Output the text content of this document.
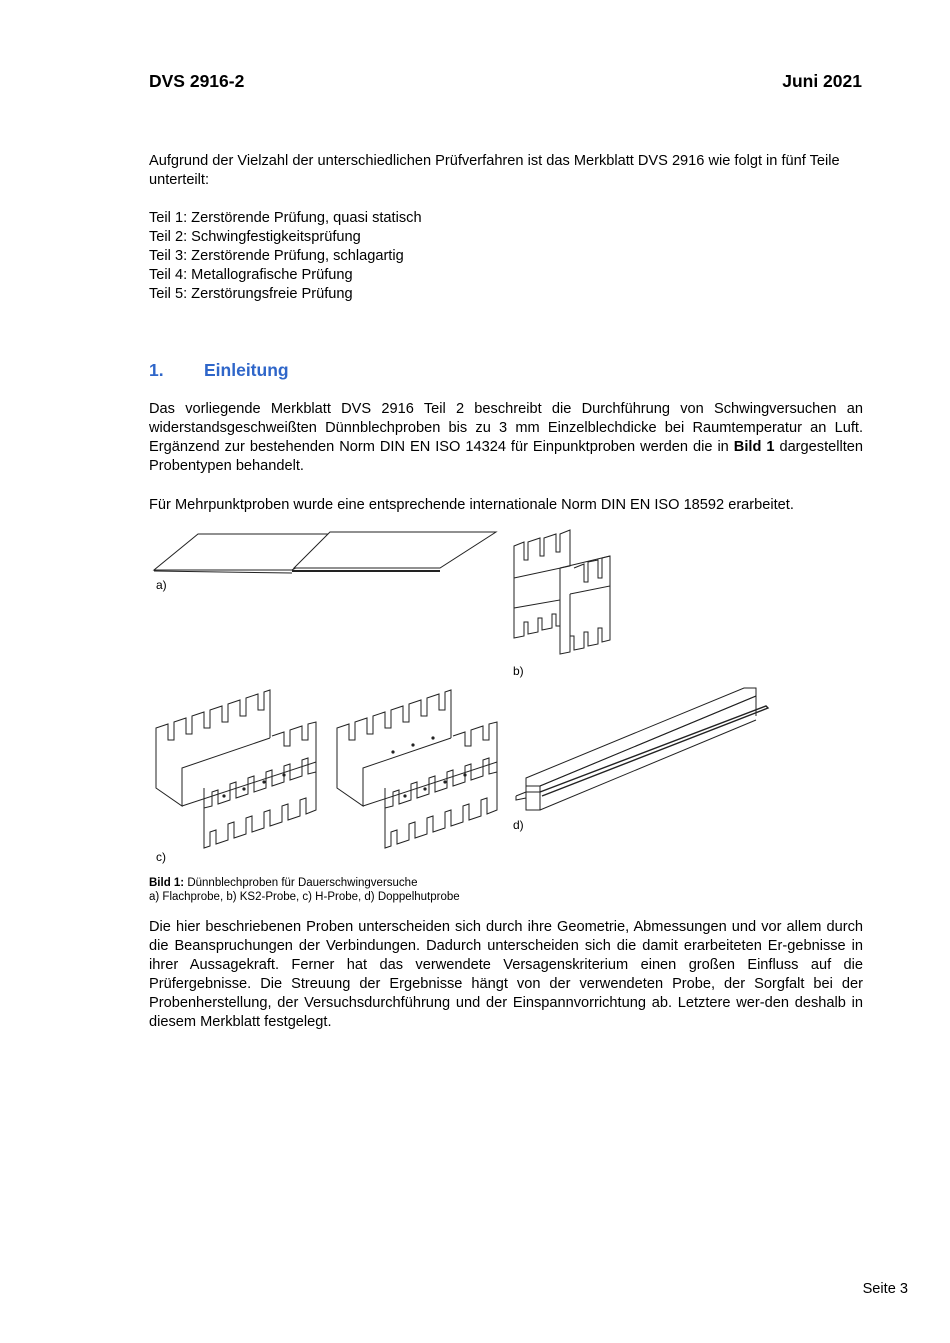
DVS 2916-2	Juni 2021
Aufgrund der Vielzahl der unterschiedlichen Prüfverfahren ist das Merkblatt DVS 2916 wie folgt in fünf Teile unterteilt:
Teil 1: Zerstörende Prüfung, quasi statisch
Teil 2: Schwingfestigkeitsprüfung
Teil 3: Zerstörende Prüfung, schlagartig
Teil 4: Metallografische Prüfung
Teil 5: Zerstörungsfreie Prüfung
1. Einleitung
Das vorliegende Merkblatt DVS 2916 Teil 2 beschreibt die Durchführung von Schwingversuchen an widerstandsgeschweißten Dünnblechproben bis zu 3 mm Einzelblechdicke bei Raumtemperatur an Luft. Ergänzend zur bestehenden Norm DIN EN ISO 14324 für Einpunktproben werden die in Bild 1 dargestellten Probentypen behandelt.
Für Mehrpunktproben wurde eine entsprechende internationale Norm DIN EN ISO 18592 erarbeitet.
a)
b)
c)
d)
Bild 1: Dünnblechproben für Dauerschwingversuche
a) Flachprobe, b) KS2-Probe, c) H-Probe, d) Doppelhutprobe
Die hier beschriebenen Proben unterscheiden sich durch ihre Geometrie, Abmessungen und vor allem durch die Beanspruchungen der Verbindungen. Dadurch unterscheiden sich die damit erarbeiteten Er-gebnisse in ihrer Aussagekraft. Ferner hat das verwendete Versagenskriterium einen großen Einfluss auf die Prüfergebnisse. Die Streuung der Ergebnisse hängt von der verwendeten Probe, der Sorgfalt bei der Probenherstellung, der Versuchsdurchführung und der Einspannvorrichtung ab. Letztere wer-den deshalb in diesem Merkblatt festgelegt.
Seite 3
